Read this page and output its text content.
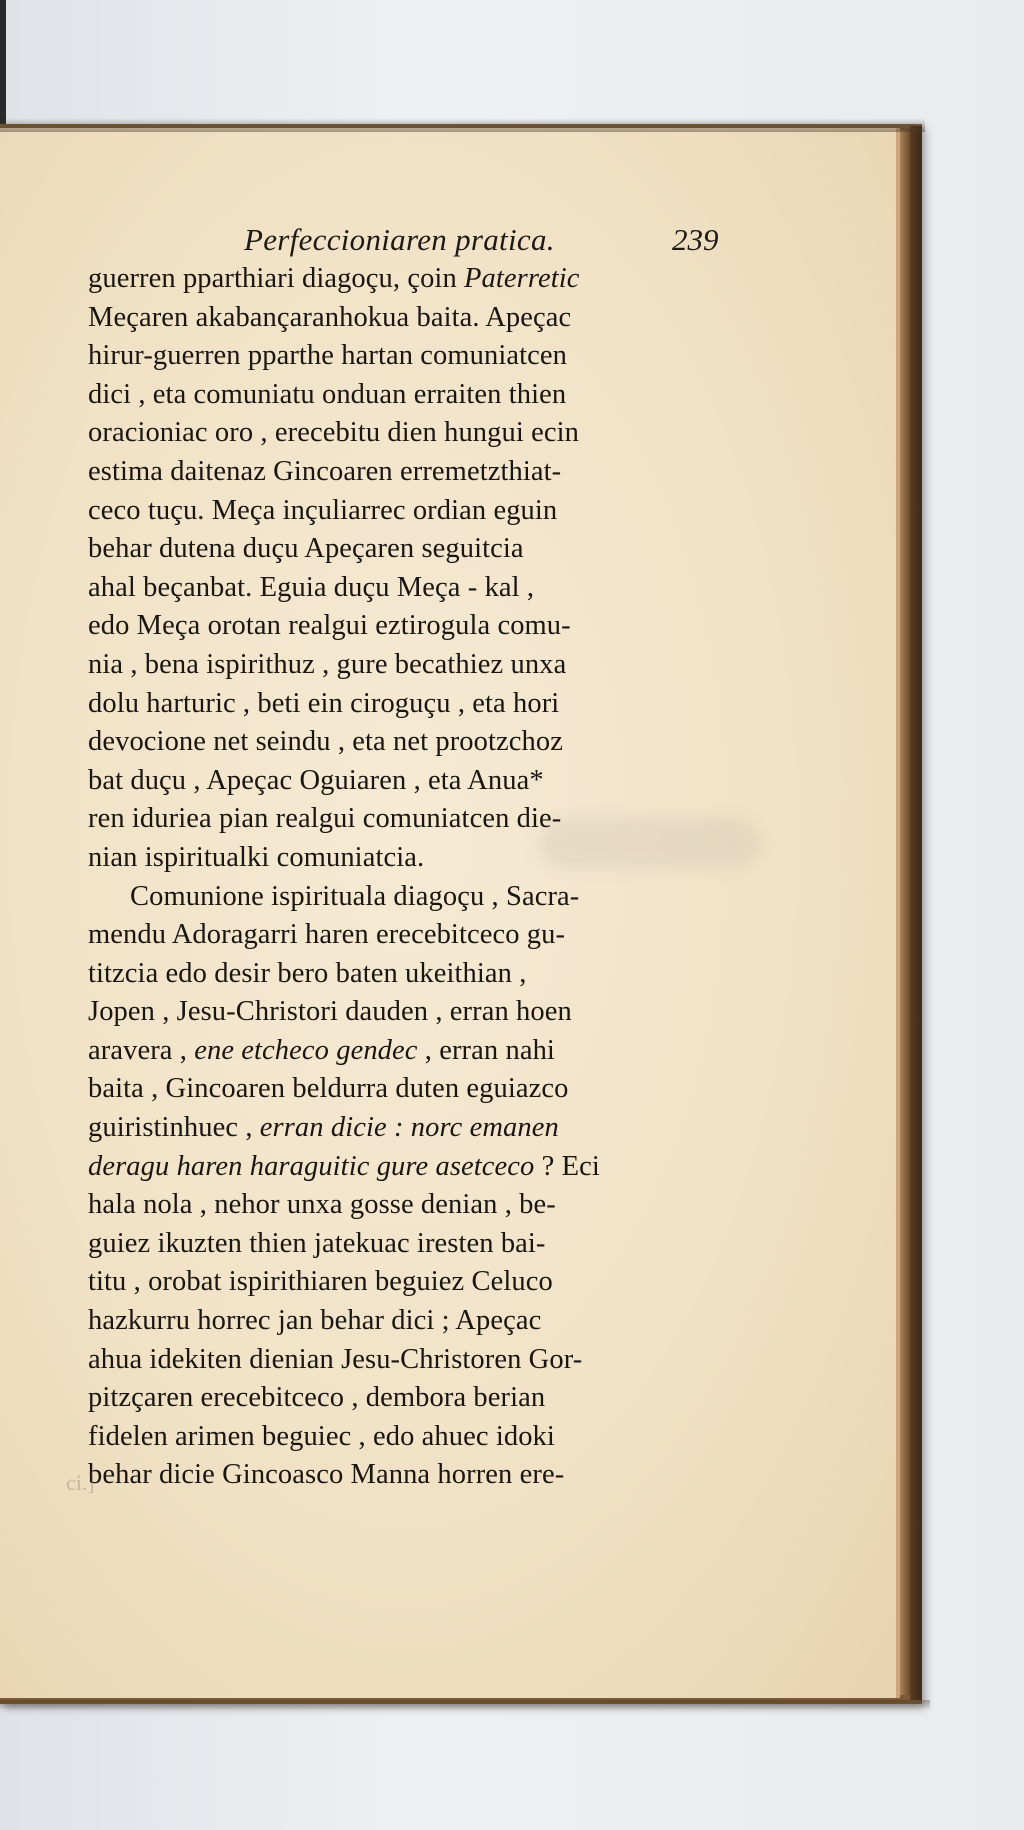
Perfeccioniaren pratica.	239
guerren pparthiari diagoçu, çoin Paterretic
Meçaren akabançaranhokua baita. Apeçac
hirur-guerren pparthe hartan comuniatcen
dici , eta comuniatu onduan erraiten thien
oracioniac oro , erecebitu dien hungui ecin
estima daitenaz Gincoaren erremetzthiat-
ceco tuçu. Meça inçuliarrec ordian eguin
behar dutena duçu Apeçaren seguitcia
ahal beçanbat. Eguia duçu Meça - kal ,
edo Meça orotan realgui eztirogula comu-
nia , bena ispirithuz , gure becathiez unxa
dolu harturic , beti ein ciroguçu , eta hori
devocione net seindu , eta net prootzchoz
bat duçu , Apeçac Oguiaren , eta Anua*
ren iduriea pian realgui comuniatcen die-
nian ispiritualki comuniatcia.
Comunione ispirituala diagoçu , Sacra-
mendu Adoragarri haren erecebitceco gu-
titzcia edo desir bero baten ukeithian ,
Jopen , Jesu-Christori dauden , erran hoen
aravera , ene etcheco gendec , erran nahi
baita , Gincoaren beldurra duten eguiazco
guiristinhuec , erran dicie : norc emanen
deragu haren haraguitic gure asetceco ? Eci
hala nola , nehor unxa gosse denian , be-
guiez ikuzten thien jatekuac iresten bai-
titu , orobat ispirithiaren beguiez Celuco
hazkurru horrec jan behar dici ; Apeçac
ahua idekiten dienian Jesu-Christoren Gor-
pitzçaren erecebitceco , dembora berian
fidelen arimen beguiec , edo ahuec idoki
behar dicie Gincoasco Manna horren ere-
ci.]
